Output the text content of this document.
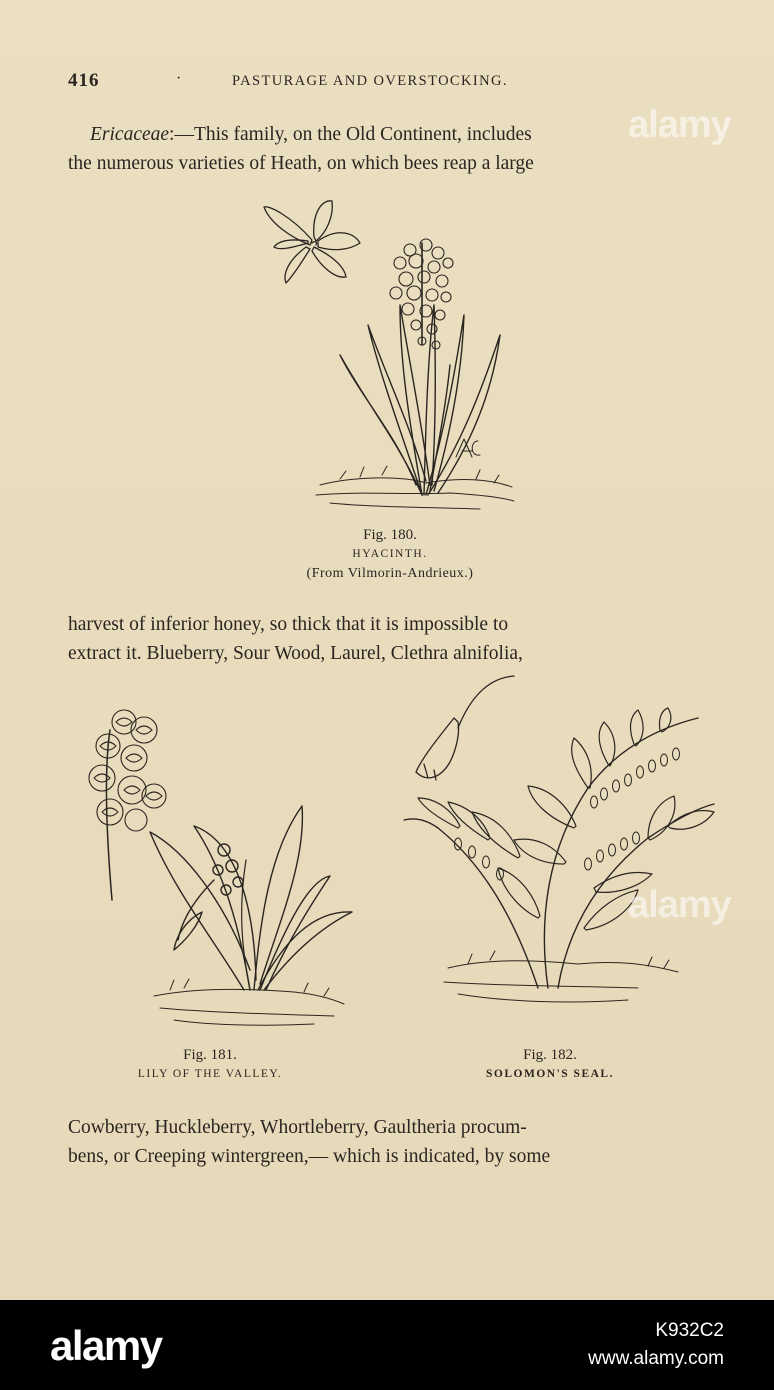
416	·	PASTURAGE AND OVERSTOCKING.
Ericaceae:—This family, on the Old Continent, includes
the numerous varieties of Heath, on which bees reap a large
Fig. 180.
HYACINTH.
(From Vilmorin-Andrieux.)
harvest of inferior honey, so thick that it is impossible to
extract it. Blueberry, Sour Wood, Laurel, Clethra alnifolia,
Fig. 181.
LILY OF THE VALLEY.
Fig. 182.
SOLOMON'S SEAL.
Cowberry, Huckleberry, Whortleberry, Gaultheria procum-
bens, or Creeping wintergreen,— which is indicated, by some
alamy
alamy
alamy	K932C2
www.alamy.com
